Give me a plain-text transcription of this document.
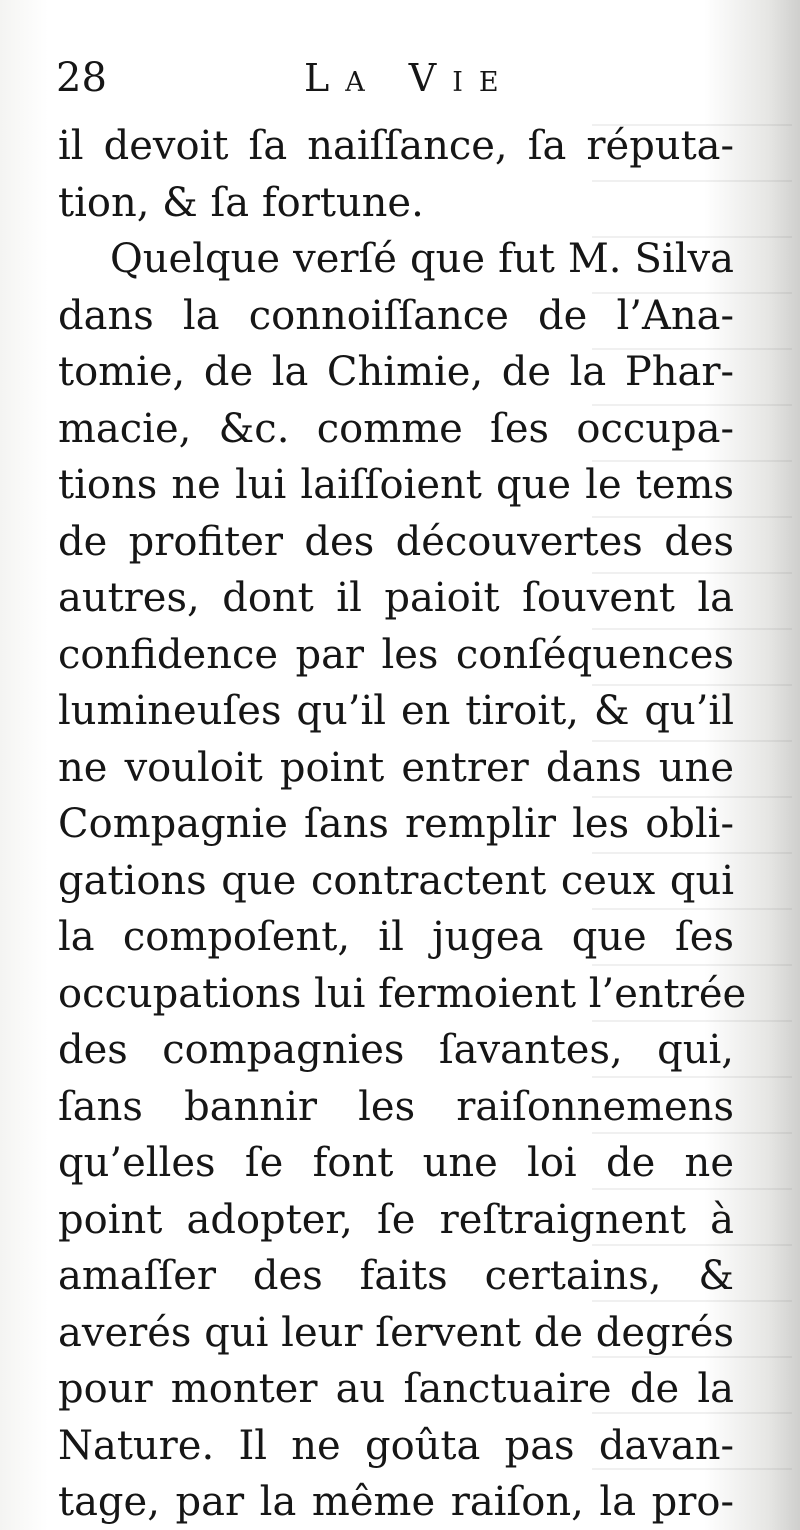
28	La Vie
il devoit ſa naiſſance, ſa réputa-
tion, & ſa fortune.
Quelque verſé que fut M. Silva
dans la connoiſſance de l’Ana-
tomie, de la Chimie, de la Phar-
macie, &c. comme ſes occupa-
tions ne lui laiſſoient que le tems
de profiter des découvertes des
autres, dont il paioit ſouvent la
confidence par les conſéquences
lumineuſes qu’il en tiroit, & qu’il
ne vouloit point entrer dans une
Compagnie ſans remplir les obli-
gations que contractent ceux qui
la compoſent, il jugea que ſes
occupations lui fermoient l’entrée
des compagnies ſavantes, qui,
ſans bannir les raiſonnemens
qu’elles ſe font une loi de ne
point adopter, ſe reſtraignent à
amaſſer des faits certains, &
averés qui leur ſervent de degrés
pour monter au ſanctuaire de la
Nature. Il ne goûta pas davan-
tage, par la même raiſon, la pro-
